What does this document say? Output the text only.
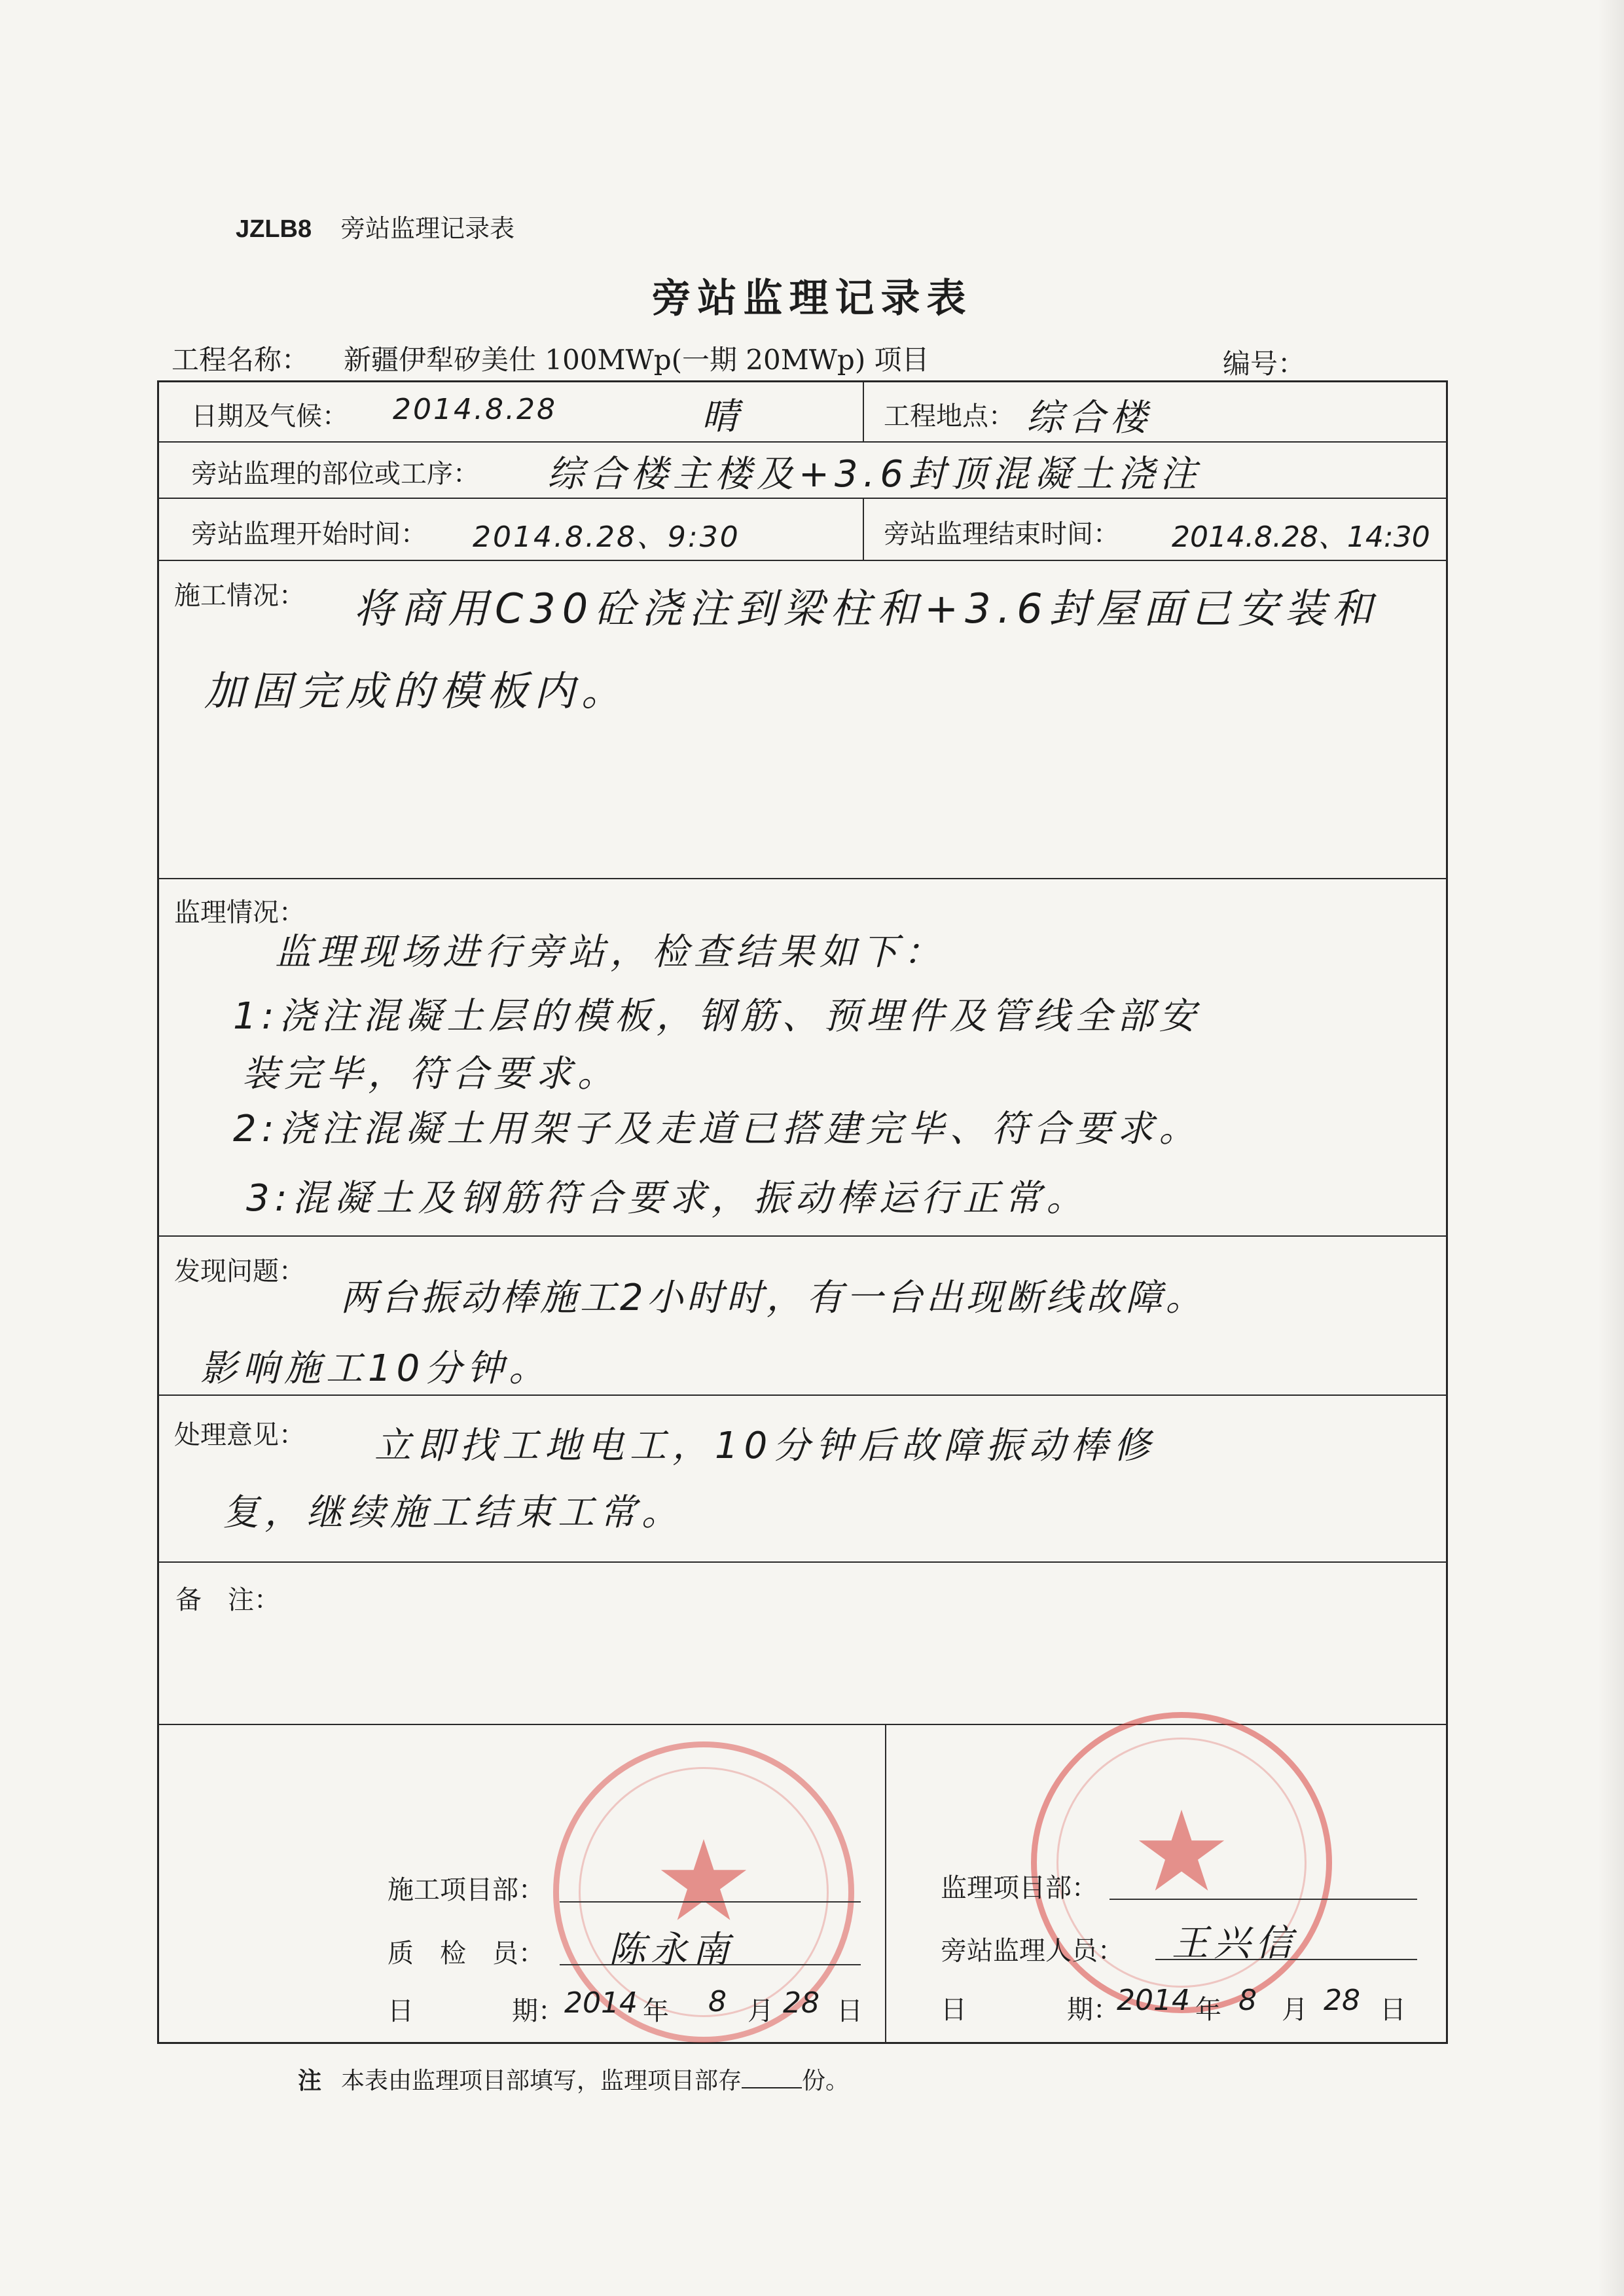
JZLB8 旁站监理记录表
旁站监理记录表
工程名称： 新疆伊犁矽美仕 100MWp(一期 20MWp) 项目	编号：
日期及气候： 2014.8.28	晴	工程地点： 综合楼
旁站监理的部位或工序： 综合楼主楼及+3.6封顶混凝土浇注
旁站监理开始时间： 2014.8.28、9:30	旁站监理结束时间： 2014.8.28、14:30
施工情况： 将商用C30砼浇注到梁柱和+3.6封屋面已安装和
加固完成的模板内。
监理情况：
监理现场进行旁站，检查结果如下：
1:浇注混凝土层的模板，钢筋、预埋件及管线全部安
装完毕，符合要求。
2:浇注混凝土用架子及走道已搭建完毕、符合要求。
3:混凝土及钢筋符合要求，振动棒运行正常。
发现问题：
两台振动棒施工2小时时，有一台出现断线故障。
影响施工10分钟。
处理意见： 立即找工地电工，10分钟后故障振动棒修
复，继续施工结束工常。
备　注：
★	★
施工项目部：
质　检　员： 陈永南
日	期： 2014 年 8 月 28 日
监理项目部：
旁站监理人员： 王兴信
日	期：
2014 年 8 月 28 日
注 本表由监理项目部填写，监理项目部存	份。
